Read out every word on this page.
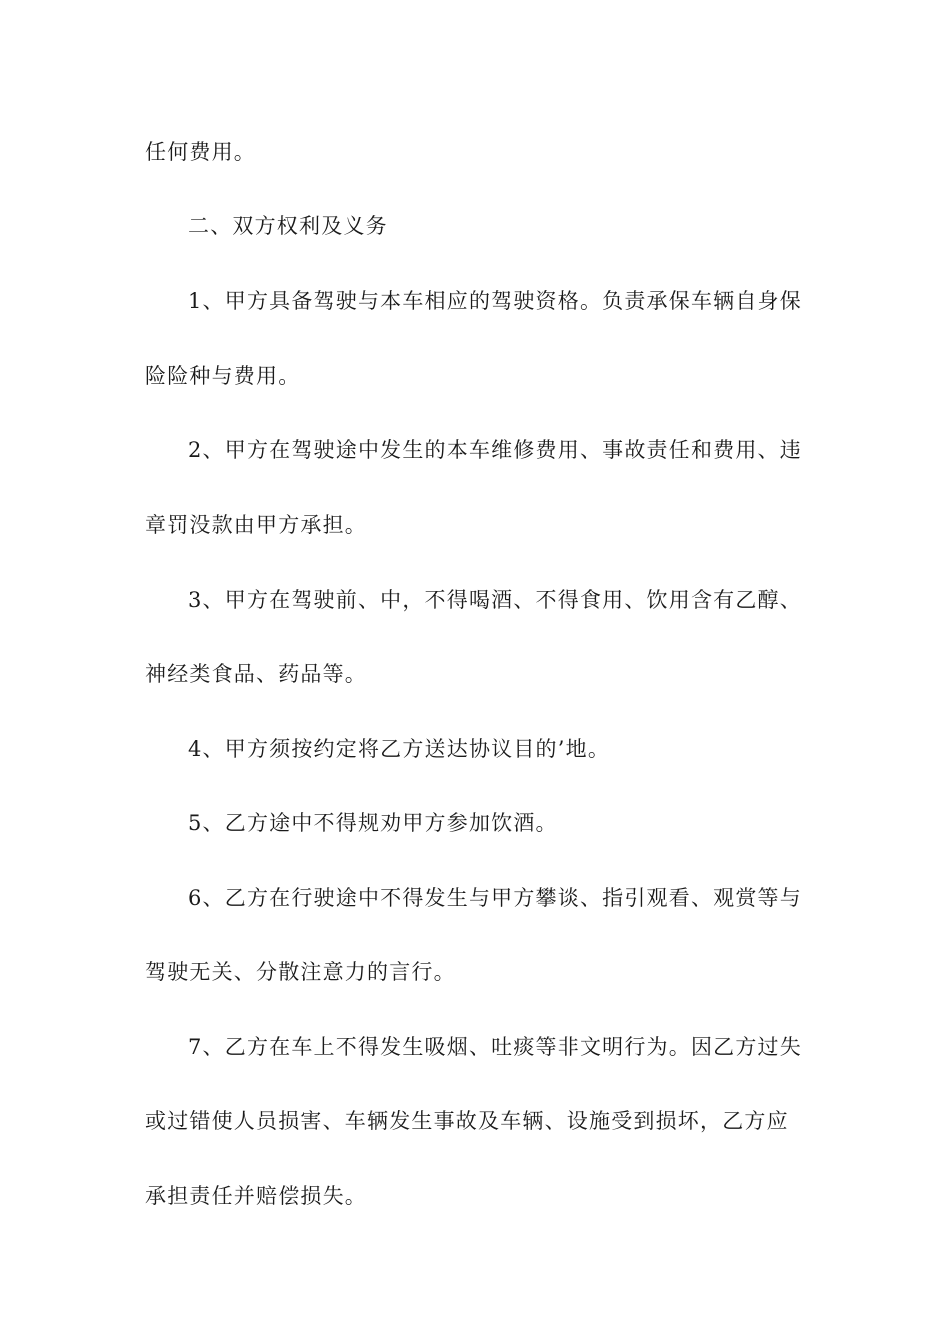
任何费用。
二、双方权利及义务
1、甲方具备驾驶与本车相应的驾驶资格。负责承保车辆自身保
险险种与费用。
2、甲方在驾驶途中发生的本车维修费用、事故责任和费用、违
章罚没款由甲方承担。
3、甲方在驾驶前、中，不得喝酒、不得食用、饮用含有乙醇、
神经类食品、药品等。
4、甲方须按约定将乙方送达协议目的’地。
5、乙方途中不得规劝甲方参加饮酒。
6、乙方在行驶途中不得发生与甲方攀谈、指引观看、观赏等与
驾驶无关、分散注意力的言行。
7、乙方在车上不得发生吸烟、吐痰等非文明行为。因乙方过失
或过错使人员损害、车辆发生事故及车辆、设施受到损坏，乙方应
承担责任并赔偿损失。
